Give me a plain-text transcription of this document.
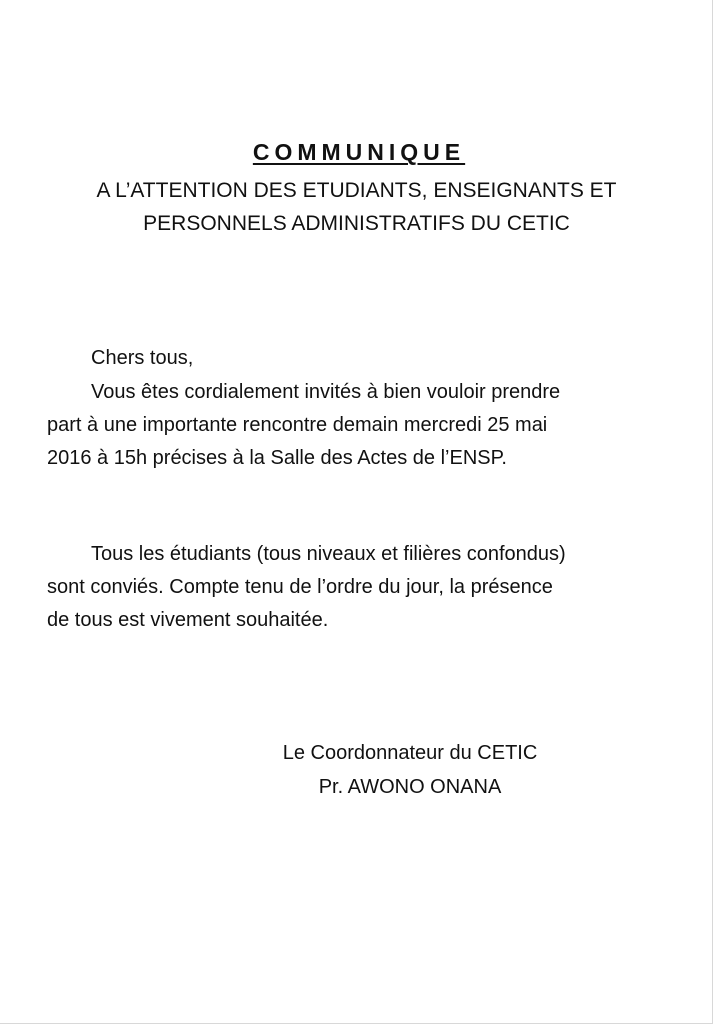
COMMUNIQUE
A L’ATTENTION DES ETUDIANTS, ENSEIGNANTS ET
PERSONNELS ADMINISTRATIFS DU CETIC
Chers tous,
Vous êtes cordialement invités à bien vouloir prendre
part à une importante rencontre demain mercredi 25 mai
2016 à 15h précises à la Salle des Actes de l’ENSP.
Tous les étudiants (tous niveaux et filières confondus)
sont conviés. Compte tenu de l’ordre du jour, la présence
de tous est vivement souhaitée.
Le Coordonnateur du CETIC
Pr. AWONO ONANA
